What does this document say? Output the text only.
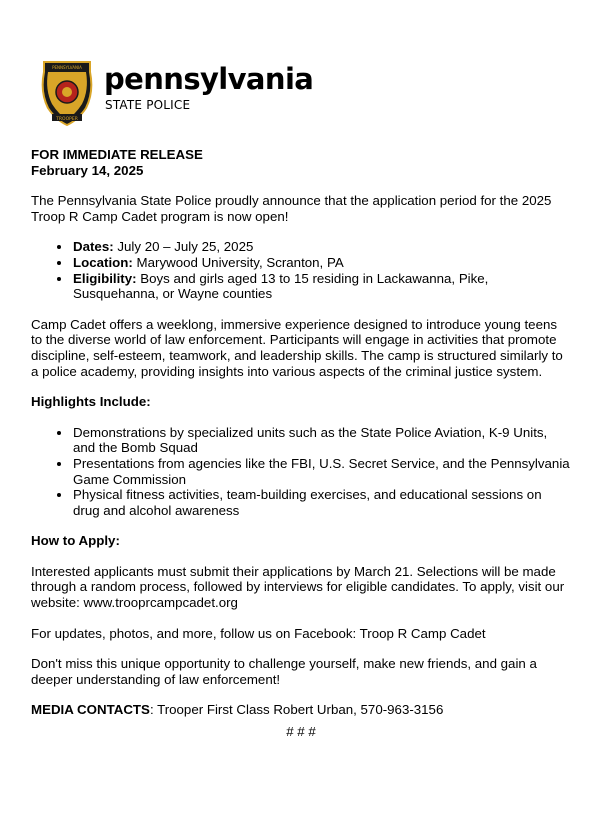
PENNSYLVANIA
TROOPER
pennsylvania
STATE POLICE

FOR IMMEDIATE RELEASE

February 14, 2025

The Pennsylvania State Police proudly announce that the application period for the 2025 Troop R Camp Cadet program is now open!

• Dates: July 20 – July 25, 2025
• Location: Marywood University, Scranton, PA
• Eligibility: Boys and girls aged 13 to 15 residing in Lackawanna, Pike, Susquehanna, or Wayne counties

Camp Cadet offers a weeklong, immersive experience designed to introduce young teens to the diverse world of law enforcement. Participants will engage in activities that promote discipline, self-esteem, teamwork, and leadership skills. The camp is structured similarly to a police academy, providing insights into various aspects of the criminal justice system.

Highlights Include:

• Demonstrations by specialized units such as the State Police Aviation, K-9 Units, and the Bomb Squad
• Presentations from agencies like the FBI, U.S. Secret Service, and the Pennsylvania Game Commission
• Physical fitness activities, team-building exercises, and educational sessions on drug and alcohol awareness

How to Apply:

Interested applicants must submit their applications by March 21. Selections will be made through a random process, followed by interviews for eligible candidates. To apply, visit our website: www.trooprcampcadet.org

For updates, photos, and more, follow us on Facebook: Troop R Camp Cadet

Don't miss this unique opportunity to challenge yourself, make new friends, and gain a deeper understanding of law enforcement!

MEDIA CONTACTS: Trooper First Class Robert Urban, 570-963-3156

# # #
